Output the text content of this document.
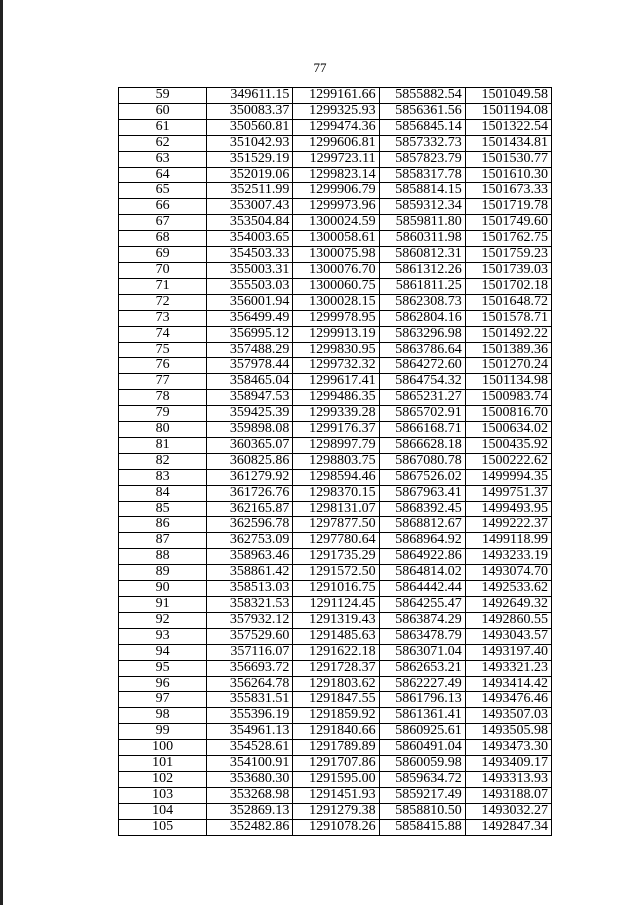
77
59	349611.15	1299161.66	5855882.54	1501049.58
60	350083.37	1299325.93	5856361.56	1501194.08
61	350560.81	1299474.36	5856845.14	1501322.54
62	351042.93	1299606.81	5857332.73	1501434.81
63	351529.19	1299723.11	5857823.79	1501530.77
64	352019.06	1299823.14	5858317.78	1501610.30
65	352511.99	1299906.79	5858814.15	1501673.33
66	353007.43	1299973.96	5859312.34	1501719.78
67	353504.84	1300024.59	5859811.80	1501749.60
68	354003.65	1300058.61	5860311.98	1501762.75
69	354503.33	1300075.98	5860812.31	1501759.23
70	355003.31	1300076.70	5861312.26	1501739.03
71	355503.03	1300060.75	5861811.25	1501702.18
72	356001.94	1300028.15	5862308.73	1501648.72
73	356499.49	1299978.95	5862804.16	1501578.71
74	356995.12	1299913.19	5863296.98	1501492.22
75	357488.29	1299830.95	5863786.64	1501389.36
76	357978.44	1299732.32	5864272.60	1501270.24
77	358465.04	1299617.41	5864754.32	1501134.98
78	358947.53	1299486.35	5865231.27	1500983.74
79	359425.39	1299339.28	5865702.91	1500816.70
80	359898.08	1299176.37	5866168.71	1500634.02
81	360365.07	1298997.79	5866628.18	1500435.92
82	360825.86	1298803.75	5867080.78	1500222.62
83	361279.92	1298594.46	5867526.02	1499994.35
84	361726.76	1298370.15	5867963.41	1499751.37
85	362165.87	1298131.07	5868392.45	1499493.95
86	362596.78	1297877.50	5868812.67	1499222.37
87	362753.09	1297780.64	5868964.92	1499118.99
88	358963.46	1291735.29	5864922.86	1493233.19
89	358861.42	1291572.50	5864814.02	1493074.70
90	358513.03	1291016.75	5864442.44	1492533.62
91	358321.53	1291124.45	5864255.47	1492649.32
92	357932.12	1291319.43	5863874.29	1492860.55
93	357529.60	1291485.63	5863478.79	1493043.57
94	357116.07	1291622.18	5863071.04	1493197.40
95	356693.72	1291728.37	5862653.21	1493321.23
96	356264.78	1291803.62	5862227.49	1493414.42
97	355831.51	1291847.55	5861796.13	1493476.46
98	355396.19	1291859.92	5861361.41	1493507.03
99	354961.13	1291840.66	5860925.61	1493505.98
100	354528.61	1291789.89	5860491.04	1493473.30
101	354100.91	1291707.86	5860059.98	1493409.17
102	353680.30	1291595.00	5859634.72	1493313.93
103	353268.98	1291451.93	5859217.49	1493188.07
104	352869.13	1291279.38	5858810.50	1493032.27
105	352482.86	1291078.26	5858415.88	1492847.34
